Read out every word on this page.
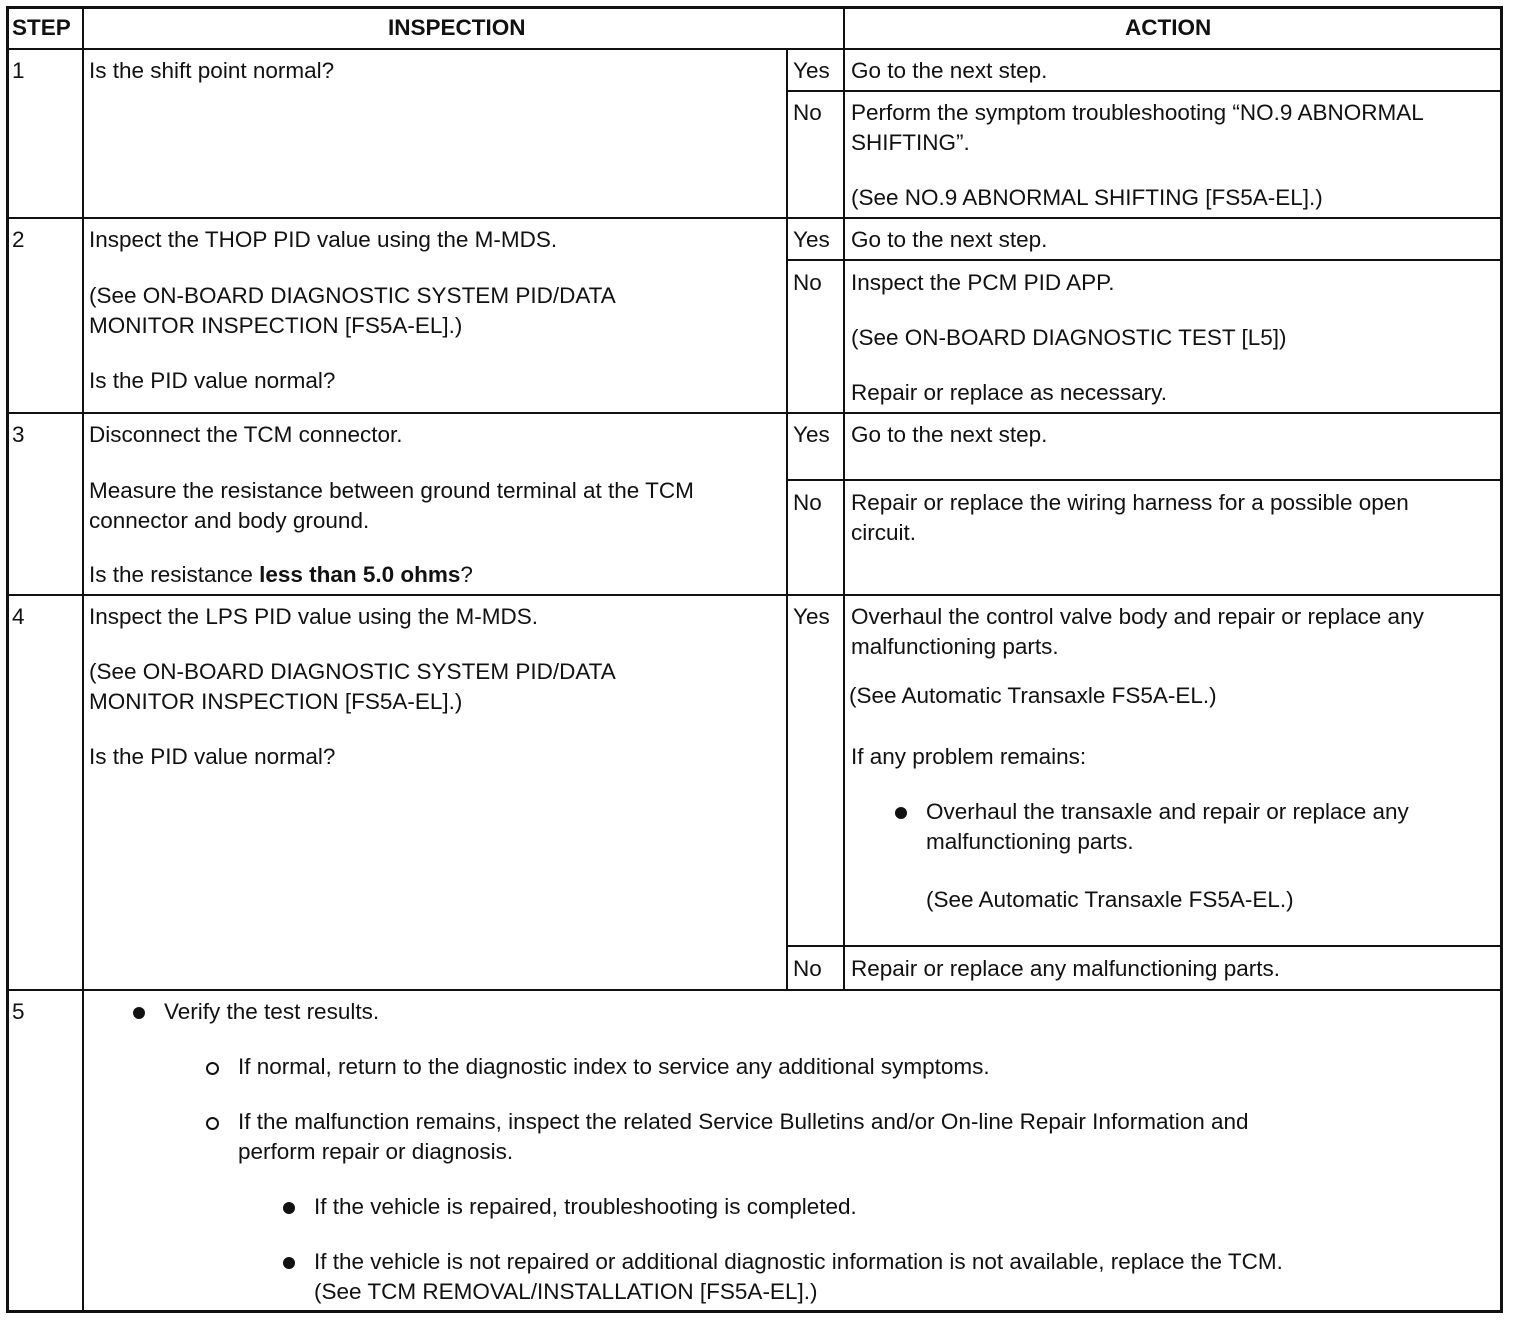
STEP	INSPECTION	ACTION
1	Is the shift point normal?	Yes Go to the next step.
No Perform the symptom troubleshooting “NO.9 ABNORMAL
SHIFTING”.
(See NO.9 ABNORMAL SHIFTING [FS5A-EL].)
2	Inspect the THOP PID value using the M-MDS.
(See ON-BOARD DIAGNOSTIC SYSTEM PID/DATA
MONITOR INSPECTION [FS5A-EL].)
Is the PID value normal?
Yes Go to the next step.
No Inspect the PCM PID APP.
(See ON-BOARD DIAGNOSTIC TEST [L5])
Repair or replace as necessary.
3	Disconnect the TCM connector.
Measure the resistance between ground terminal at the TCM
connector and body ground.
Is the resistance less than 5.0 ohms?
Yes Go to the next step.
No Repair or replace the wiring harness for a possible open
circuit.
4	Inspect the LPS PID value using the M-MDS.
(See ON-BOARD DIAGNOSTIC SYSTEM PID/DATA
MONITOR INSPECTION [FS5A-EL].)
Is the PID value normal?
Yes Overhaul the control valve body and repair or replace any
malfunctioning parts.
(See Automatic Transaxle FS5A-EL.)
If any problem remains:
Overhaul the transaxle and repair or replace any
malfunctioning parts.
(See Automatic Transaxle FS5A-EL.)
No Repair or replace any malfunctioning parts.
5	Verify the test results.
If normal, return to the diagnostic index to service any additional symptoms.
If the malfunction remains, inspect the related Service Bulletins and/or On-line Repair Information and
perform repair or diagnosis.
If the vehicle is repaired, troubleshooting is completed.
If the vehicle is not repaired or additional diagnostic information is not available, replace the TCM.
(See TCM REMOVAL/INSTALLATION [FS5A-EL].)
